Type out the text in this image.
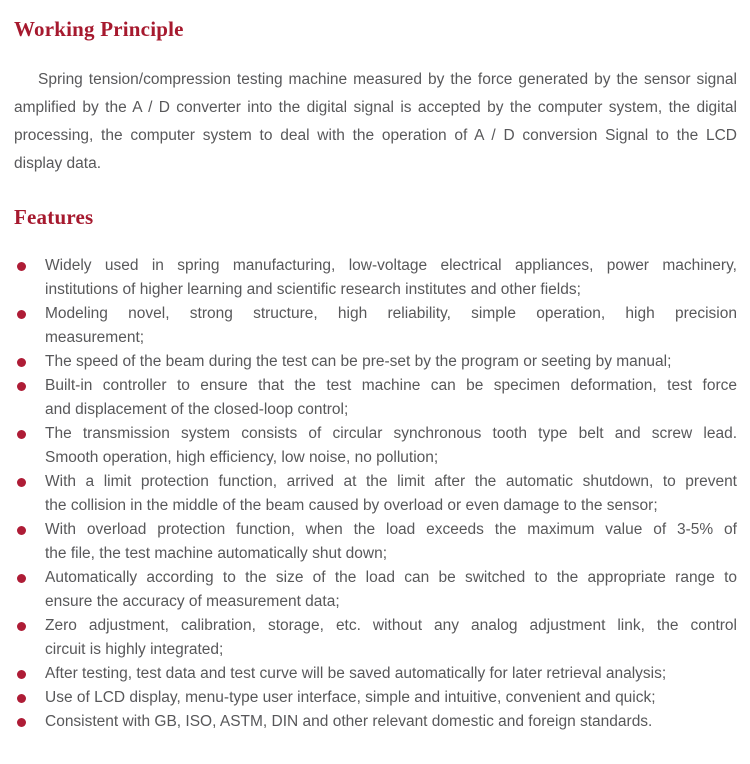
Working Principle
Spring tension/compression testing machine measured by the force generated by the sensor signal
amplified by the A / D converter into the digital signal is accepted by the computer system, the digital
processing, the computer system to deal with the operation of A / D conversion Signal to the LCD
display data.
Features
Widely used in spring manufacturing, low-voltage electrical appliances, power machinery,
institutions of higher learning and scientific research institutes and other fields;
Modeling novel, strong structure, high reliability, simple operation, high precision
measurement;
The speed of the beam during the test can be pre-set by the program or seeting by manual;
Built-in controller to ensure that the test machine can be specimen deformation, test force
and displacement of the closed-loop control;
The transmission system consists of circular synchronous tooth type belt and screw lead.
Smooth operation, high efficiency, low noise, no pollution;
With a limit protection function, arrived at the limit after the automatic shutdown, to prevent
the collision in the middle of the beam caused by overload or even damage to the sensor;
With overload protection function, when the load exceeds the maximum value of 3-5% of
the file, the test machine automatically shut down;
Automatically according to the size of the load can be switched to the appropriate range to
ensure the accuracy of measurement data;
Zero adjustment, calibration, storage, etc. without any analog adjustment link, the control
circuit is highly integrated;
After testing, test data and test curve will be saved automatically for later retrieval analysis;
Use of LCD display, menu-type user interface, simple and intuitive, convenient and quick;
Consistent with GB, ISO, ASTM, DIN and other relevant domestic and foreign standards.
